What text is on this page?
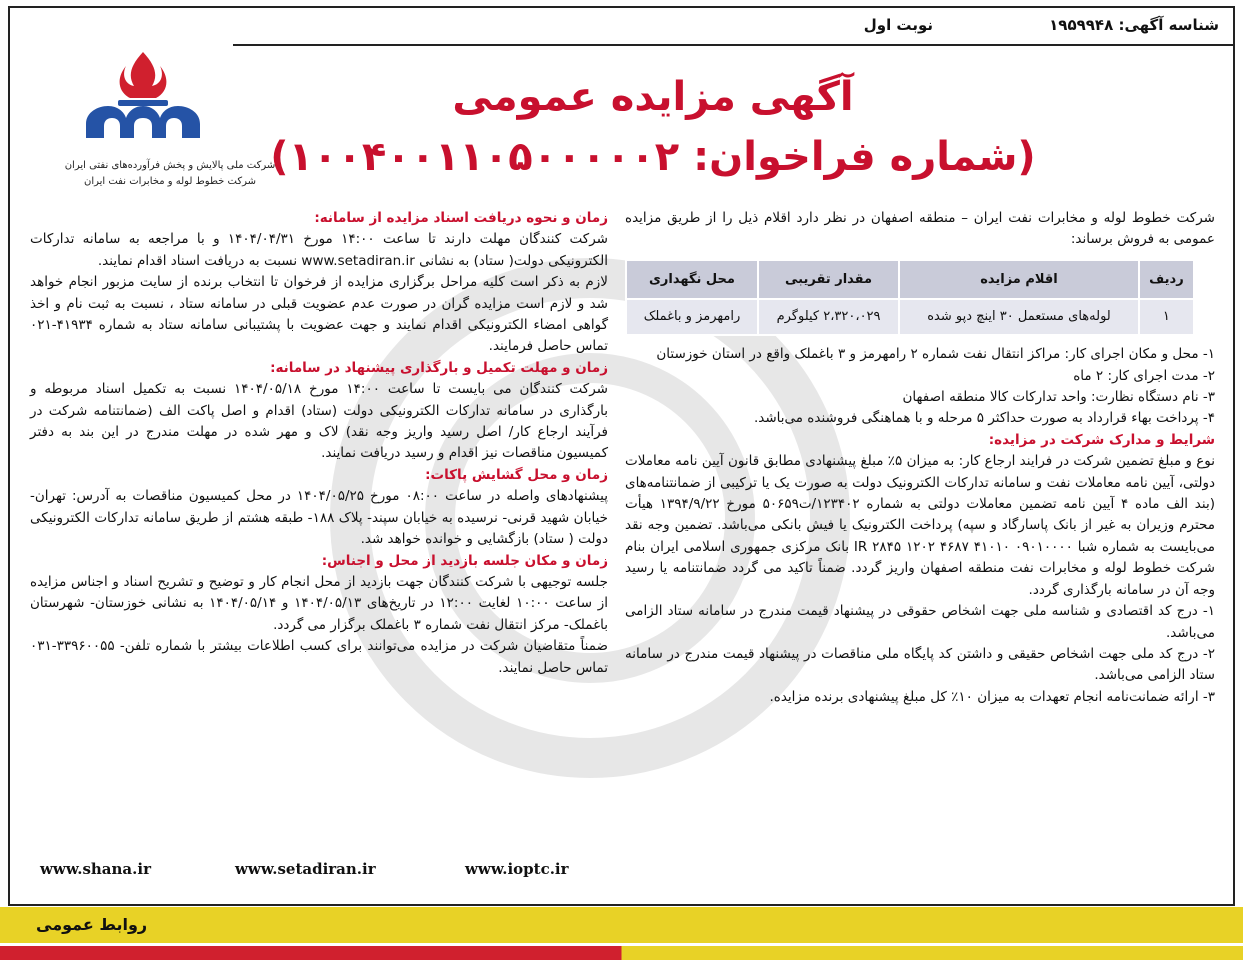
شناسه آگهی: ۱۹۵۹۹۴۸
نوبت اول
آگهی مزایده عمومی
(شماره فراخوان: ۱۰۰۴۰۰۱۱۰۵۰۰۰۰۰۲)

شرکت خطوط لوله و مخابرات نفت ایران – منطقه اصفهان در نظر دارد اقلام ذیل را از طریق مزایده عمومی به فروش برساند:

ردیف	اقلام مزایده	مقدار تقریبی	محل نگهداری
۱	لوله‌های مستعمل ۳۰ اینچ دپو شده	۲،۳۲۰،۰۲۹ کیلوگرم	رامهرمز و باغملک

۱- محل و مکان اجرای کار: مراکز انتقال نفت شماره ۲ رامهرمز و ۳ باغملک واقع در استان خوزستان

۲- مدت اجرای کار: ۲ ماه

۳- نام دستگاه نظارت: واحد تدارکات کالا منطقه اصفهان

۴- پرداخت بهاء قرارداد به صورت حداکثر ۵ مرحله و با هماهنگی فروشنده می‌باشد.

شرایط و مدارک شرکت در مزایده:

نوع و مبلغ تضمین شرکت در فرایند ارجاع کار: به میزان ۵٪ مبلغ پیشنهادی مطابق قانون آیین نامه معاملات دولتی، آیین نامه معاملات نفت و سامانه تدارکات الکترونیک دولت به صورت یک یا ترکیبی از ضمانتنامه‌های (بند الف ماده ۴ آیین نامه تضمین معاملات دولتی به شماره ۱۲۳۴۰۲/ت۵۰۶۵۹ مورخ ۱۳۹۴/۹/۲۲ هیأت محترم وزیران به غیر از بانک پاسارگاد و سپه) پرداخت الکترونیک یا فیش بانکی می‌باشد. تضمین وجه نقد می‌بایست به شماره شبا IR ۲۸۴۵ ۱۲۰۲ ۴۶۸۷ ۴۱۰۱۰ ۰۹۰۱۰۰۰۰ بانک مرکزی جمهوری اسلامی ایران بنام شرکت خطوط لوله و مخابرات نفت منطقه اصفهان واریز گردد. ضمناً تاکید می گردد ضمانتنامه یا رسید وجه آن در سامانه بارگذاری گردد.

۱- درج کد اقتصادی و شناسه ملی جهت اشخاص حقوقی در پیشنهاد قیمت مندرج در سامانه ستاد الزامی می‌باشد.

۲- درج کد ملی جهت اشخاص حقیقی و داشتن کد پایگاه ملی مناقصات در پیشنهاد قیمت مندرج در سامانه ستاد الزامی می‌باشد.

۳- ارائه ضمانت‌نامه انجام تعهدات به میزان ۱۰٪ کل مبلغ پیشنهادی برنده مزایده.

زمان و نحوه دریافت اسناد مزایده از سامانه:

شرکت کنندگان مهلت دارند تا ساعت ۱۴:۰۰ مورخ ۱۴۰۴/۰۴/۳۱ و با مراجعه به سامانه تدارکات الکترونیکی دولت( ستاد) به نشانی www.setadiran.ir نسبت به دریافت اسناد اقدام نمایند.

لازم به ذکر است کلیه مراحل برگزاری مزایده از فرخوان تا انتخاب برنده از سایت مزبور انجام خواهد شد و لازم است مزایده گران در صورت عدم عضویت قبلی در سامانه ستاد ، نسبت به ثبت نام و اخذ گواهی امضاء الکترونیکی اقدام نمایند و جهت عضویت با پشتیبانی سامانه ستاد به شماره ۴۱۹۳۴-۰۲۱ تماس حاصل فرمایند.

زمان و مهلت تکمیل و بارگذاری پیشنهاد در سامانه:

شرکت کنندگان می بایست تا ساعت ۱۴:۰۰ مورخ ۱۴۰۴/۰۵/۱۸ نسبت به تکمیل اسناد مربوطه و بارگذاری در سامانه تدارکات الکترونیکی دولت (ستاد) اقدام و اصل پاکت الف (ضمانتنامه شرکت در فرآیند ارجاع کار/ اصل رسید واریز وجه نقد) لاک و مهر شده در مهلت مندرج در این بند به دفتر کمیسیون مناقصات نیز اقدام و رسید دریافت نمایند.

زمان و محل گشایش پاکات:

پیشنهادهای واصله در ساعت ۰۸:۰۰ مورخ ۱۴۰۴/۰۵/۲۵ در محل کمیسیون مناقصات به آدرس: تهران- خیابان شهید قرنی- نرسیده به خیابان سپند- پلاک ۱۸۸- طبقه هشتم از طریق سامانه تدارکات الکترونیکی دولت ( ستاد) بازگشایی و خوانده خواهد شد.

زمان و مکان جلسه بازدید از محل و اجناس:

جلسه توجیهی با شرکت کنندگان جهت بازدید از محل انجام کار و توضیح و تشریح اسناد و اجناس مزایده از ساعت ۱۰:۰۰ لغایت ۱۲:۰۰ در تاریخ‌های ۱۴۰۴/۰۵/۱۳ و ۱۴۰۴/۰۵/۱۴ به نشانی خوزستان- شهرستان باغملک- مرکز انتقال نفت شماره ۳ باغملک برگزار می گردد.

ضمناً متقاضیان شرکت در مزایده می‌توانند برای کسب اطلاعات بیشتر با شماره تلفن- ۳۳۹۶۰۰۵۵-۰۳۱ تماس حاصل نمایند.

شرکت ملی پالایش و پخش فرآورده‌های نفتی ایران
شرکت خطوط لوله و مخابرات نفت ایران
www.shana.ir	www.setadiran.ir	www.ioptc.ir
روابط عمومی
